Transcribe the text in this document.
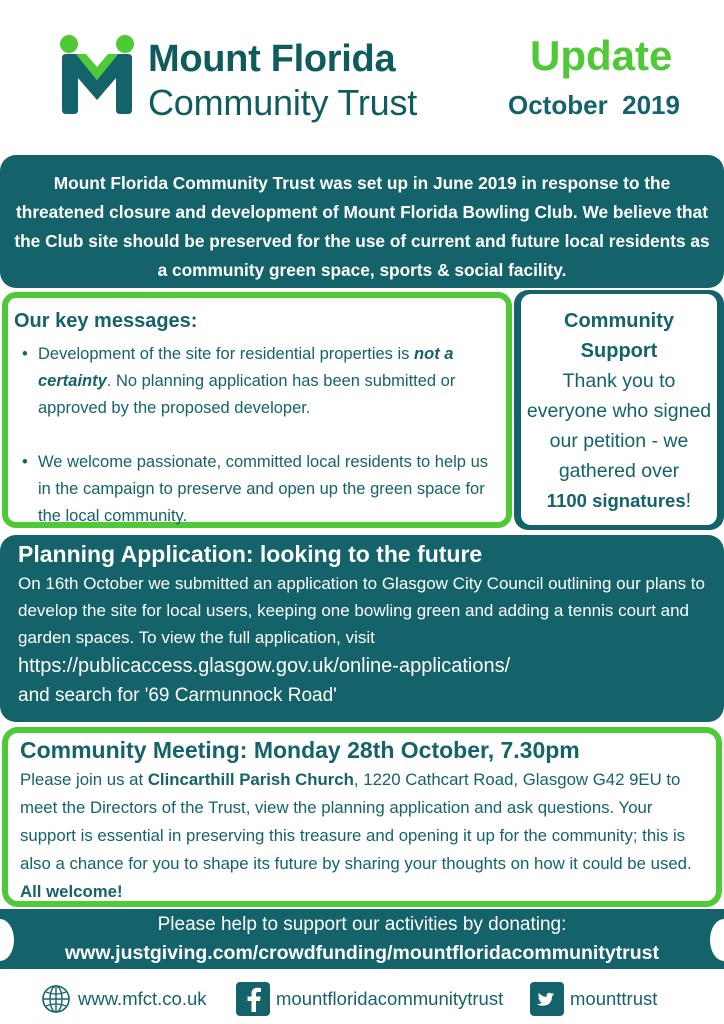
Mount Florida
Community Trust
Update
October  2019
Mount Florida Community Trust was set up in June 2019 in response to the threatened closure and development of Mount Florida Bowling Club. We believe that the Club site should be preserved for the use of current and future local residents as a community green space, sports & social facility.
Our key messages:
• Development of the site for residential properties is not a certainty. No planning application has been submitted or approved by the proposed developer.
• We welcome passionate, committed local residents to help us in the campaign to preserve and open up the green space for the local community.
Community
Support
Thank you to everyone who signed our petition - we gathered over
1100 signatures!
Planning Application: looking to the future
On 16th October we submitted an application to Glasgow City Council outlining our plans to develop the site for local users, keeping one bowling green and adding a tennis court and garden spaces. To view the full application, visit
https://publicaccess.glasgow.gov.uk/online-applications/
and search for '69 Carmunnock Road'
Community Meeting: Monday 28th October, 7.30pm
Please join us at Clincarthill Parish Church, 1220 Cathcart Road, Glasgow G42 9EU to meet the Directors of the Trust, view the planning application and ask questions. Your support is essential in preserving this treasure and opening it up for the community; this is also a chance for you to shape its future by sharing your thoughts on how it could be used. All welcome!
Please help to support our activities by donating:
www.justgiving.com/crowdfunding/mountfloridacommunitytrust
www.mfct.co.uk	mountfloridacommunitytrust	mounttrust
